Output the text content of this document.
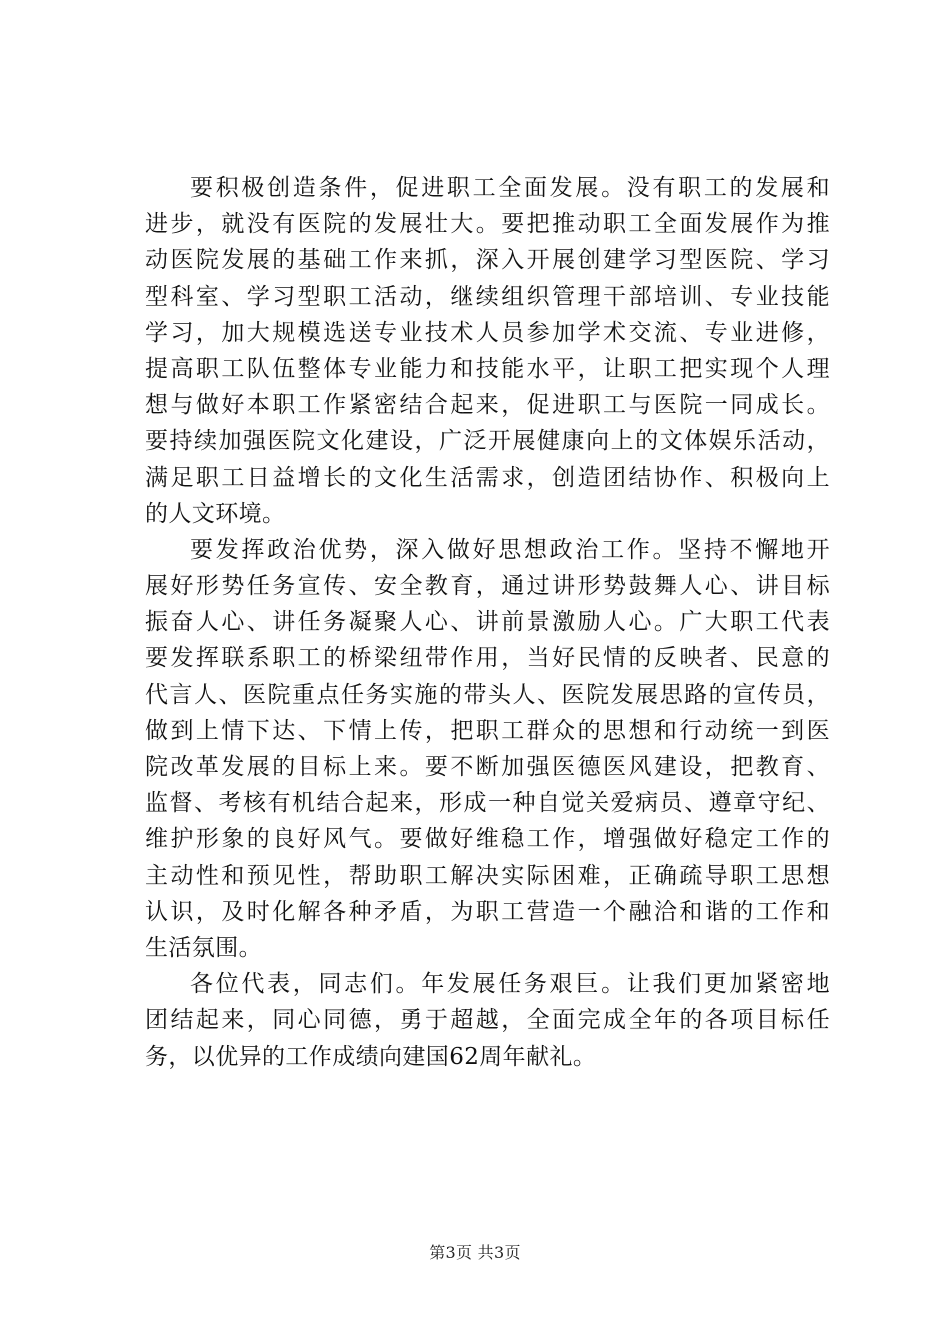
要积极创造条件，促进职工全面发展。没有职工的发展和
进步，就没有医院的发展壮大。要把推动职工全面发展作为推
动医院发展的基础工作来抓，深入开展创建学习型医院、学习
型科室、学习型职工活动，继续组织管理干部培训、专业技能
学习，加大规模选送专业技术人员参加学术交流、专业进修，
提高职工队伍整体专业能力和技能水平，让职工把实现个人理
想与做好本职工作紧密结合起来，促进职工与医院一同成长。
要持续加强医院文化建设，广泛开展健康向上的文体娱乐活动，
满足职工日益增长的文化生活需求，创造团结协作、积极向上
的人文环境。
要发挥政治优势，深入做好思想政治工作。坚持不懈地开
展好形势任务宣传、安全教育，通过讲形势鼓舞人心、讲目标
振奋人心、讲任务凝聚人心、讲前景激励人心。广大职工代表
要发挥联系职工的桥梁纽带作用，当好民情的反映者、民意的
代言人、医院重点任务实施的带头人、医院发展思路的宣传员，
做到上情下达、下情上传，把职工群众的思想和行动统一到医
院改革发展的目标上来。要不断加强医德医风建设，把教育、
监督、考核有机结合起来，形成一种自觉关爱病员、遵章守纪、
维护形象的良好风气。要做好维稳工作，增强做好稳定工作的
主动性和预见性，帮助职工解决实际困难，正确疏导职工思想
认识，及时化解各种矛盾，为职工营造一个融洽和谐的工作和
生活氛围。
各位代表，同志们。年发展任务艰巨。让我们更加紧密地
团结起来，同心同德，勇于超越，全面完成全年的各项目标任
务，以优异的工作成绩向建国62周年献礼。
第3页 共3页
